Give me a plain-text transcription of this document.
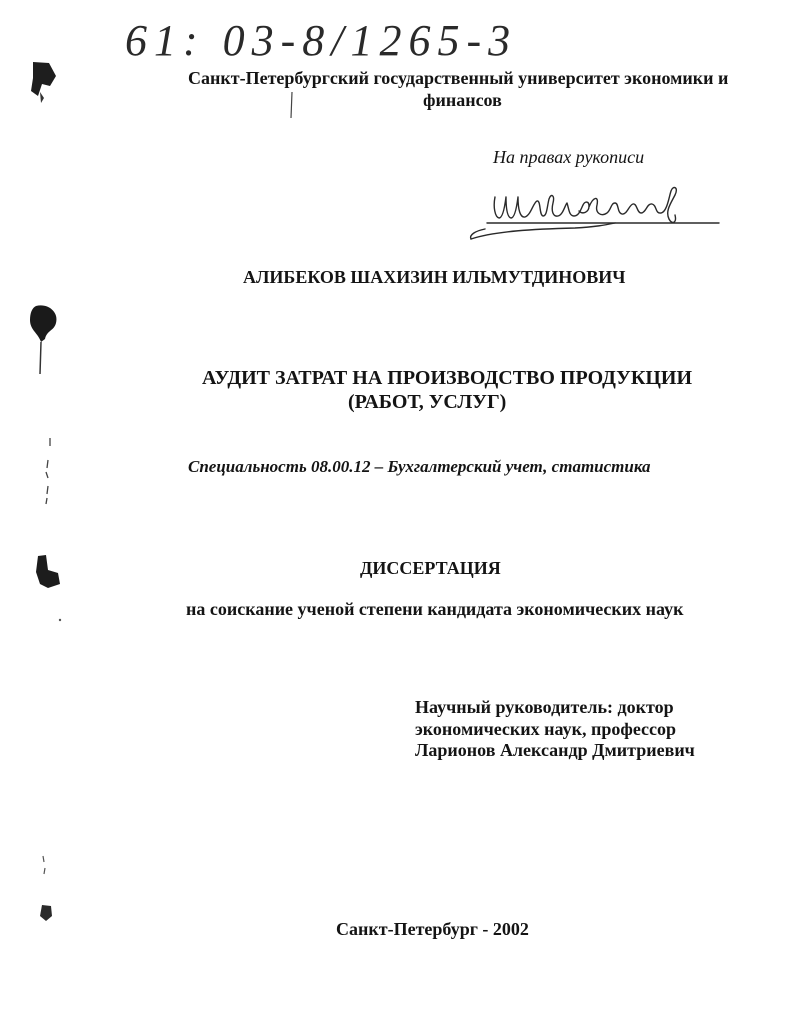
61: 03-8/1265-3
Санкт-Петербургский государственный университет экономики и
финансов
На правах рукописи
АЛИБЕКОВ ШАХИЗИН ИЛЬМУТДИНОВИЧ
АУДИТ ЗАТРАТ НА ПРОИЗВОДСТВО ПРОДУКЦИИ
(РАБОТ, УСЛУГ)
Специальность 08.00.12 – Бухгалтерский учет, статистика
ДИССЕРТАЦИЯ
на соискание ученой степени кандидата экономических наук
Научный руководитель: доктор
экономических наук, профессор
Ларионов Александр Дмитриевич
Санкт-Петербург - 2002
